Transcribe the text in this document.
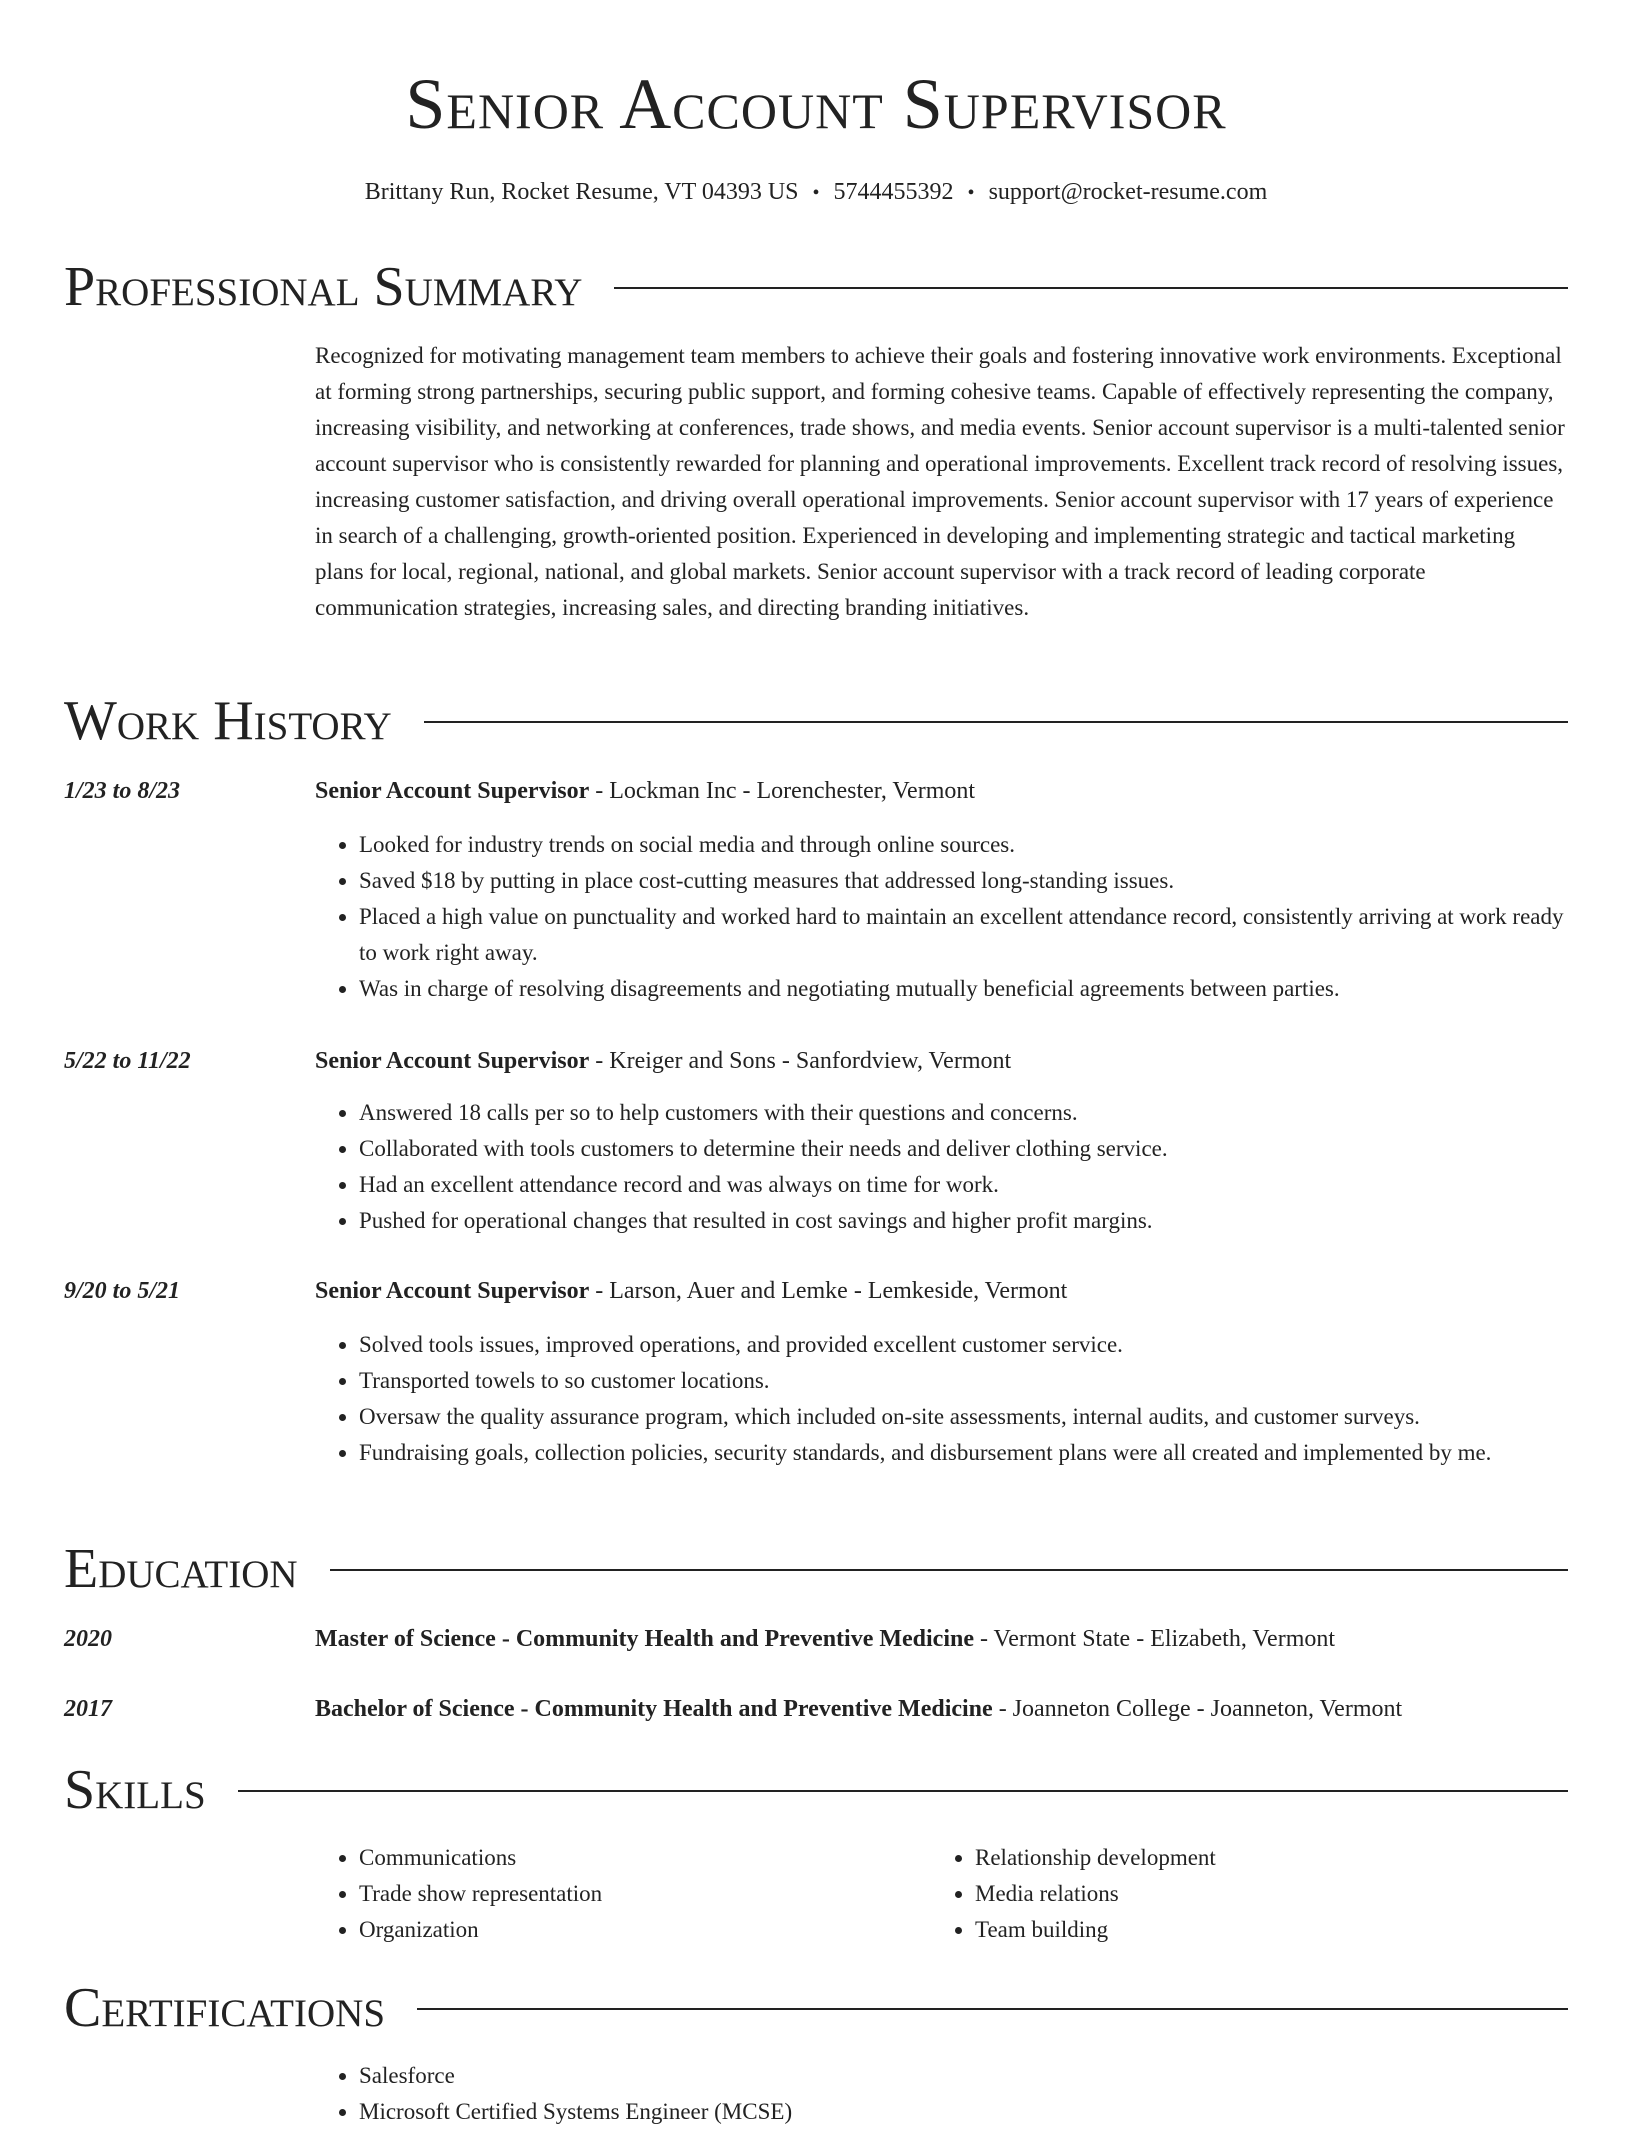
Senior Account Supervisor
Brittany Run, Rocket Resume, VT 04393 US • 5744455392 • support@rocket-resume.com
Professional Summary

Recognized for motivating management team members to achieve their goals and fostering innovative work environments. Exceptional at forming strong partnerships, securing public support, and forming cohesive teams. Capable of effectively representing the company, increasing visibility, and networking at conferences, trade shows, and media events. Senior account supervisor is a multi-talented senior account supervisor who is consistently rewarded for planning and operational improvements. Excellent track record of resolving issues, increasing customer satisfaction, and driving overall operational improvements. Senior account supervisor with 17 years of experience in search of a challenging, growth-oriented position. Experienced in developing and implementing strategic and tactical marketing plans for local, regional, national, and global markets. Senior account supervisor with a track record of leading corporate communication strategies, increasing sales, and directing branding initiatives.

Work History
1/23 to 8/23	Senior Account Supervisor - Lockman Inc - Lorenchester, Vermont
• Looked for industry trends on social media and through online sources.
• Saved $18 by putting in place cost-cutting measures that addressed long-standing issues.
• Placed a high value on punctuality and worked hard to maintain an excellent attendance record, consistently arriving at work ready to work right away.
• Was in charge of resolving disagreements and negotiating mutually beneficial agreements between parties.
5/22 to 11/22	Senior Account Supervisor - Kreiger and Sons - Sanfordview, Vermont
• Answered 18 calls per so to help customers with their questions and concerns.
• Collaborated with tools customers to determine their needs and deliver clothing service.
• Had an excellent attendance record and was always on time for work.
• Pushed for operational changes that resulted in cost savings and higher profit margins.
9/20 to 5/21	Senior Account Supervisor - Larson, Auer and Lemke - Lemkeside, Vermont
• Solved tools issues, improved operations, and provided excellent customer service.
• Transported towels to so customer locations.
• Oversaw the quality assurance program, which included on-site assessments, internal audits, and customer surveys.
• Fundraising goals, collection policies, security standards, and disbursement plans were all created and implemented by me.
Education
2020	Master of Science - Community Health and Preventive Medicine - Vermont State - Elizabeth, Vermont
2017	Bachelor of Science - Community Health and Preventive Medicine - Joanneton College - Joanneton, Vermont
Skills
• Communications
• Trade show representation
• Organization
• Relationship development
• Media relations
• Team building
Certifications
• Salesforce
• Microsoft Certified Systems Engineer (MCSE)
